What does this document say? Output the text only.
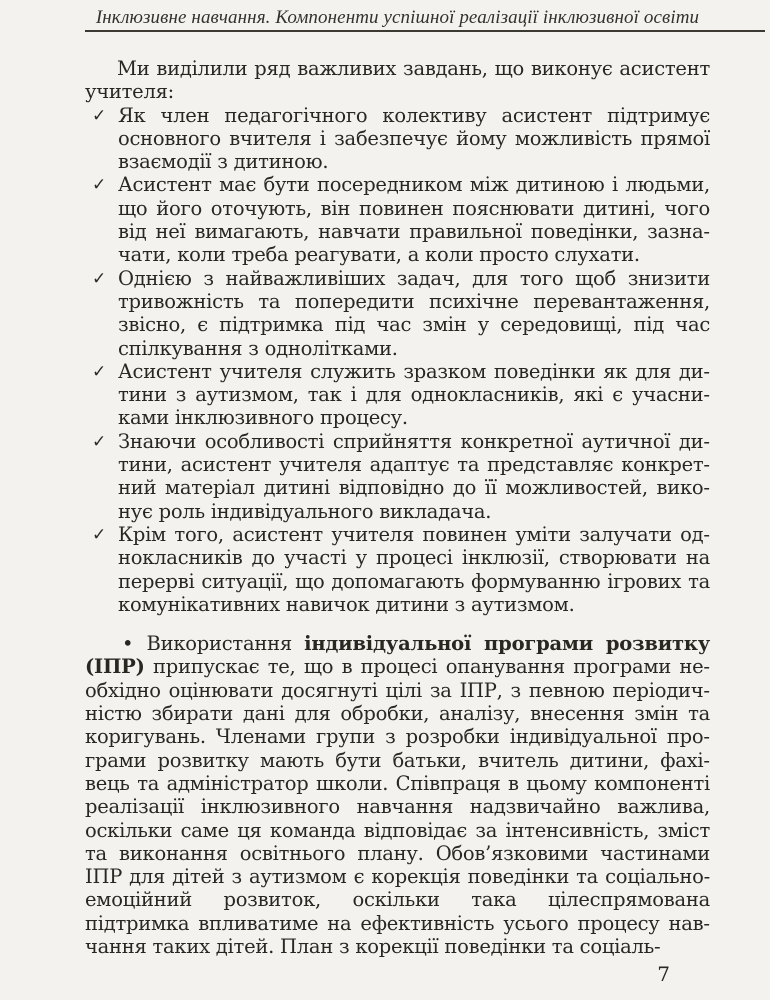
Інклюзивне навчання. Компоненти успішної реалізації інклюзивної освіти

Ми виділили ряд важливих завдань, що виконує асистент учителя:

✓ Як член педагогічного колективу асистент підтримує основного вчителя і забезпечує йому можливість прямої взаємодії з дитиною.
✓ Асистент має бути посередником між дитиною і людьми, що його оточують, він повинен пояснювати дитині, чого від неї вимагають, навчати правильної поведінки, зазначати, коли треба реагувати, а коли просто слухати.
✓ Однією з найважливіших задач, для того щоб знизити тривожність та попередити психічне перевантаження, звісно, є підтримка під час змін у середовищі, під час спілкування з однолітками.
✓ Асистент учителя служить зразком поведінки як для дитини з аутизмом, так і для однокласників, які є учасниками інклюзивного процесу.
✓ Знаючи особливості сприйняття конкретної аутичної дитини, асистент учителя адаптує та представляє конкретний матеріал дитині відповідно до її можливостей, виконує роль індивідуального викладача.
✓ Крім того, асистент учителя повинен уміти залучати однокласників до участі у процесі інклюзії, створювати на перерві ситуації, що допомагають формуванню ігрових та комунікативних навичок дитини з аутизмом.

• Використання індивідуальної програми розвитку (ІПР) припускає те, що в процесі опанування програми необхідно оцінювати досягнуті цілі за ІПР, з певною періодичністю збирати дані для обробки, аналізу, внесення змін та коригувань. Членами групи з розробки індивідуальної програми розвитку мають бути батьки, вчитель дитини, фахівець та адміністратор школи. Співпраця в цьому компоненті реалізації інклюзивного навчання надзвичайно важлива, оскільки саме ця команда відповідає за інтенсивність, зміст та виконання освітнього плану. Обов’язковими частинами ІПР для дітей з аутизмом є корекція поведінки та соціально-емоційний розвиток, оскільки така цілеспрямована підтримка впливатиме на ефективність усього процесу навчання таких дітей. План з корекції поведінки та соціаль-

7
